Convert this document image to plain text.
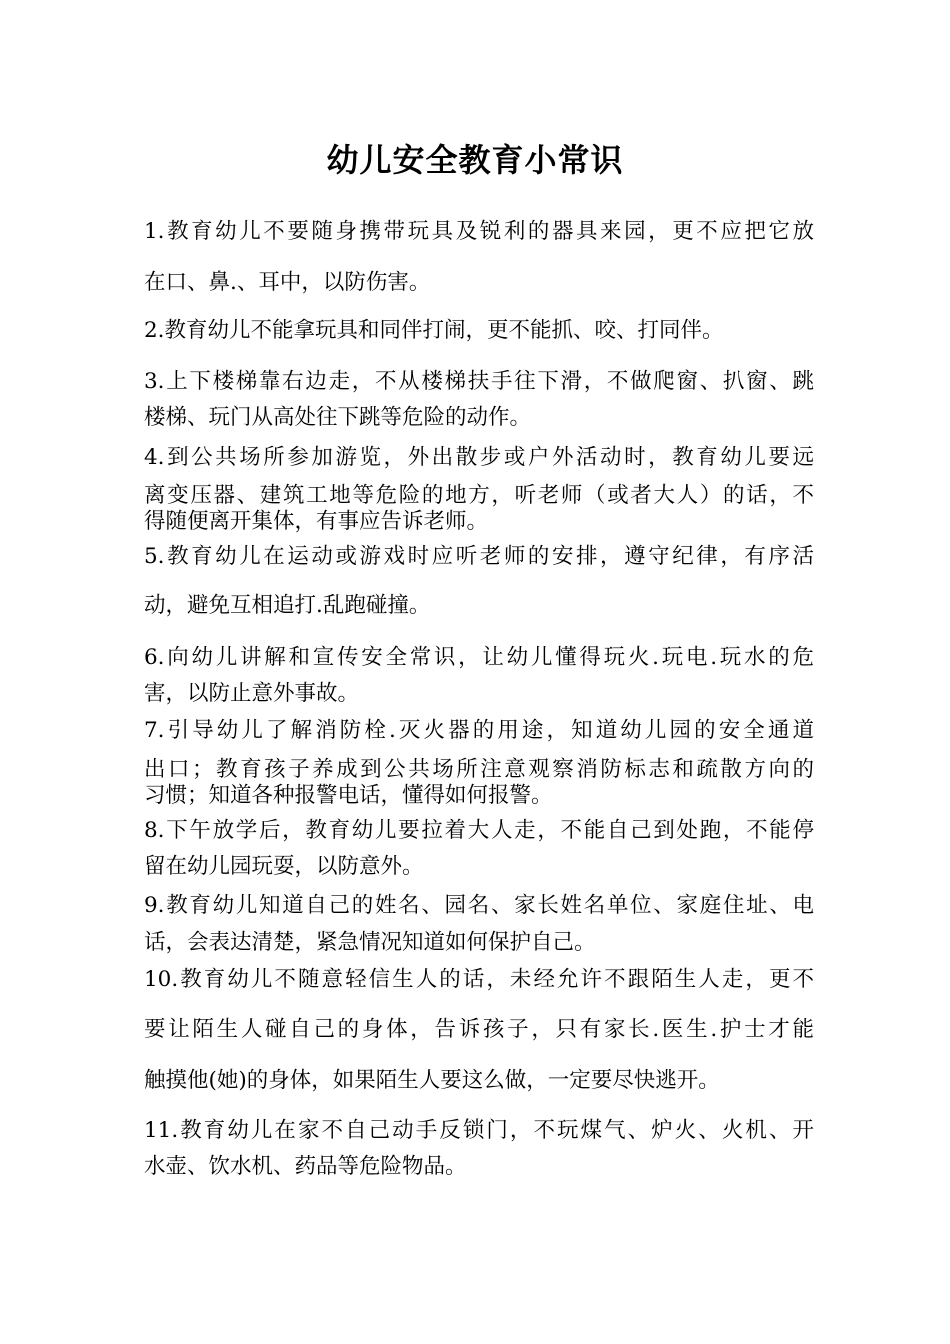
幼儿安全教育小常识

1.教育幼儿不要随身携带玩具及锐利的器具来园，更不应把它放

在口、鼻.、耳中，以防伤害。

2.教育幼儿不能拿玩具和同伴打闹，更不能抓、咬、打同伴。

3.上下楼梯靠右边走，不从楼梯扶手往下滑，不做爬窗、扒窗、跳

楼梯、玩门从高处往下跳等危险的动作。

4.到公共场所参加游览，外出散步或户外活动时，教育幼儿要远

离变压器、建筑工地等危险的地方，听老师（或者大人）的话，不

得随便离开集体，有事应告诉老师。

5.教育幼儿在运动或游戏时应听老师的安排，遵守纪律，有序活

动，避免互相追打.乱跑碰撞。

6.向幼儿讲解和宣传安全常识，让幼儿懂得玩火.玩电.玩水的危

害，以防止意外事故。

7.引导幼儿了解消防栓.灭火器的用途，知道幼儿园的安全通道

出口；教育孩子养成到公共场所注意观察消防标志和疏散方向的

习惯；知道各种报警电话，懂得如何报警。

8.下午放学后，教育幼儿要拉着大人走，不能自己到处跑，不能停

留在幼儿园玩耍，以防意外。

9.教育幼儿知道自己的姓名、园名、家长姓名单位、家庭住址、电

话，会表达清楚，紧急情况知道如何保护自己。

10.教育幼儿不随意轻信生人的话，未经允许不跟陌生人走，更不

要让陌生人碰自己的身体，告诉孩子，只有家长.医生.护士才能

触摸他(她)的身体，如果陌生人要这么做，一定要尽快逃开。

11.教育幼儿在家不自己动手反锁门，不玩煤气、炉火、火机、开

水壶、饮水机、药品等危险物品。
